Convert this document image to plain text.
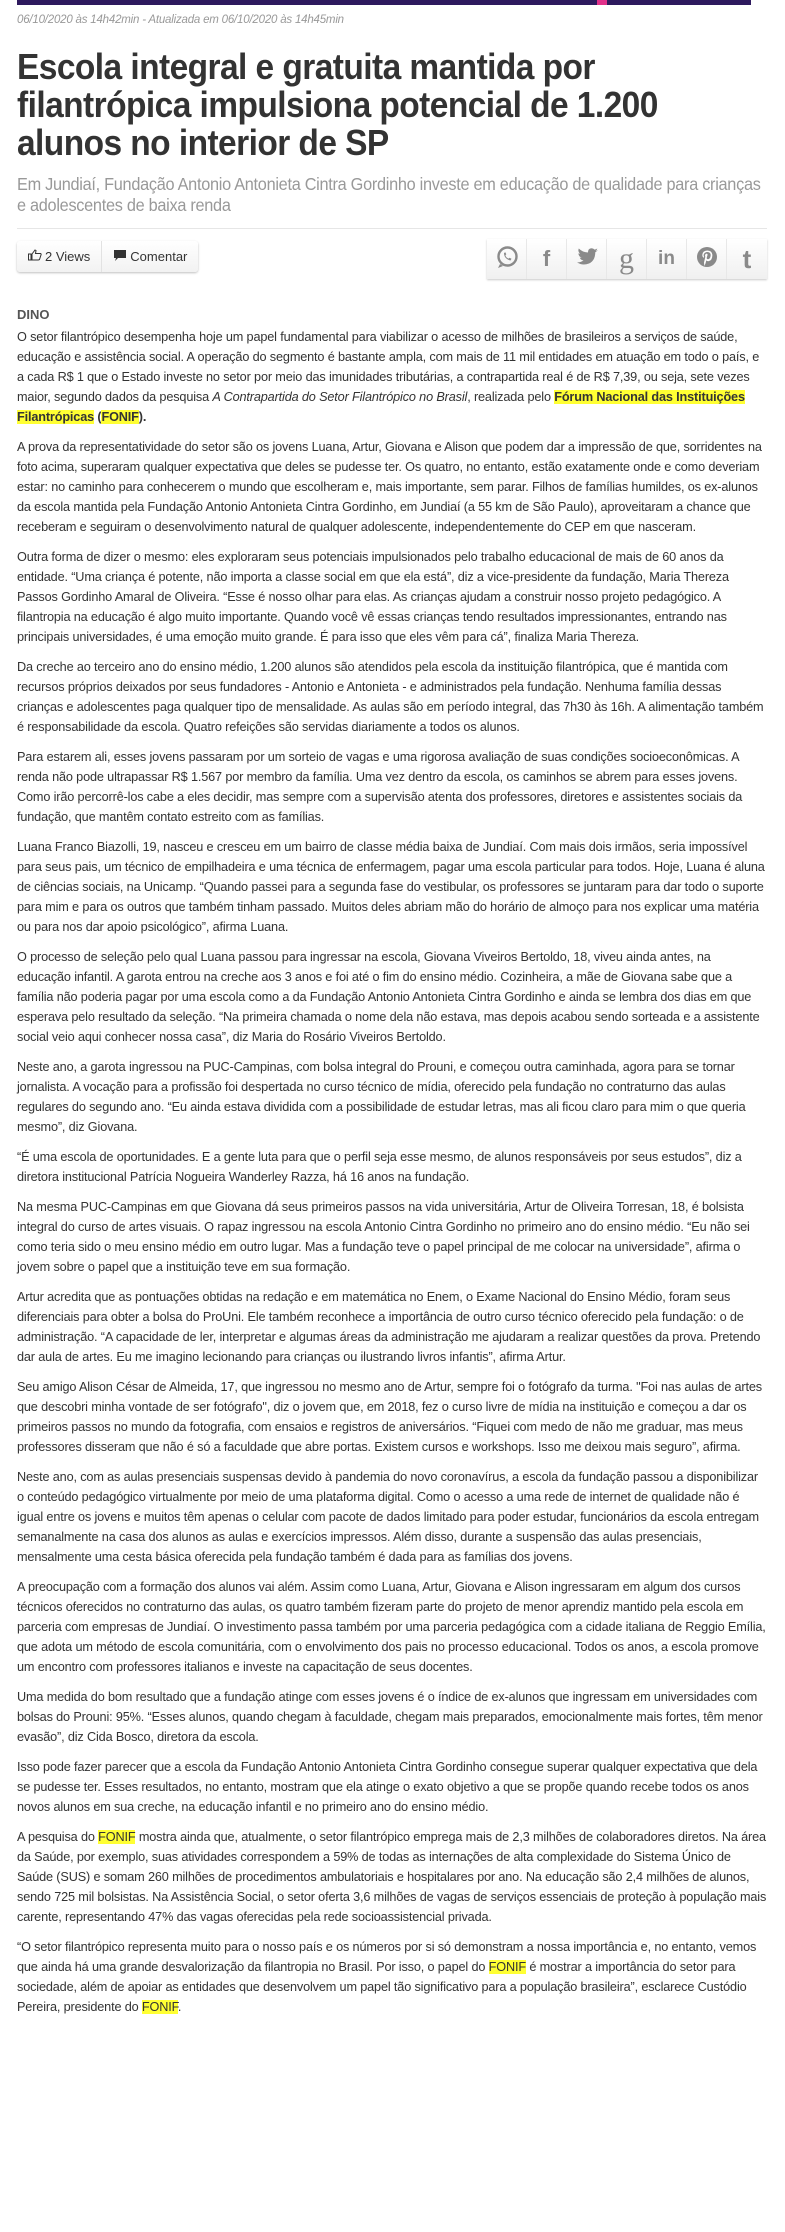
06/10/2020 às 14h42min - Atualizada em 06/10/2020 às 14h45min

Escola integral e gratuita mantida por filantrópica impulsiona potencial de 1.200 alunos no interior de SP

Em Jundiaí, Fundação Antonio Antonieta Cintra Gordinho investe em educação de qualidade para crianças e adolescentes de baixa renda

2 Views	Comentar	f g in	t

DINO

O setor filantrópico desempenha hoje um papel fundamental para viabilizar o acesso de milhões de brasileiros a serviços de saúde, educação e assistência social. A operação do segmento é bastante ampla, com mais de 11 mil entidades em atuação em todo o país, e a cada R$ 1 que o Estado investe no setor por meio das imunidades tributárias, a contrapartida real é de R$ 7,39, ou seja, sete vezes maior, segundo dados da pesquisa A Contrapartida do Setor Filantrópico no Brasil, realizada pelo Fórum Nacional das Instituições Filantrópicas (FONIF).

A prova da representatividade do setor são os jovens Luana, Artur, Giovana e Alison que podem dar a impressão de que, sorridentes na foto acima, superaram qualquer expectativa que deles se pudesse ter. Os quatro, no entanto, estão exatamente onde e como deveriam estar: no caminho para conhecerem o mundo que escolheram e, mais importante, sem parar. Filhos de famílias humildes, os ex-alunos da escola mantida pela Fundação Antonio Antonieta Cintra Gordinho, em Jundiaí (a 55 km de São Paulo), aproveitaram a chance que receberam e seguiram o desenvolvimento natural de qualquer adolescente, independentemente do CEP em que nasceram.

Outra forma de dizer o mesmo: eles exploraram seus potenciais impulsionados pelo trabalho educacional de mais de 60 anos da entidade. “Uma criança é potente, não importa a classe social em que ela está”, diz a vice-presidente da fundação, Maria Thereza Passos Gordinho Amaral de Oliveira. “Esse é nosso olhar para elas. As crianças ajudam a construir nosso projeto pedagógico. A filantropia na educação é algo muito importante. Quando você vê essas crianças tendo resultados impressionantes, entrando nas principais universidades, é uma emoção muito grande. É para isso que eles vêm para cá”, finaliza Maria Thereza.

Da creche ao terceiro ano do ensino médio, 1.200 alunos são atendidos pela escola da instituição filantrópica, que é mantida com recursos próprios deixados por seus fundadores - Antonio e Antonieta - e administrados pela fundação. Nenhuma família dessas crianças e adolescentes paga qualquer tipo de mensalidade. As aulas são em período integral, das 7h30 às 16h. A alimentação também é responsabilidade da escola. Quatro refeições são servidas diariamente a todos os alunos.

Para estarem ali, esses jovens passaram por um sorteio de vagas e uma rigorosa avaliação de suas condições socioeconômicas. A renda não pode ultrapassar R$ 1.567 por membro da família. Uma vez dentro da escola, os caminhos se abrem para esses jovens. Como irão percorrê-los cabe a eles decidir, mas sempre com a supervisão atenta dos professores, diretores e assistentes sociais da fundação, que mantêm contato estreito com as famílias.

Luana Franco Biazolli, 19, nasceu e cresceu em um bairro de classe média baixa de Jundiaí. Com mais dois irmãos, seria impossível para seus pais, um técnico de empilhadeira e uma técnica de enfermagem, pagar uma escola particular para todos. Hoje, Luana é aluna de ciências sociais, na Unicamp. “Quando passei para a segunda fase do vestibular, os professores se juntaram para dar todo o suporte para mim e para os outros que também tinham passado. Muitos deles abriam mão do horário de almoço para nos explicar uma matéria ou para nos dar apoio psicológico”, afirma Luana.

O processo de seleção pelo qual Luana passou para ingressar na escola, Giovana Viveiros Bertoldo, 18, viveu ainda antes, na educação infantil. A garota entrou na creche aos 3 anos e foi até o fim do ensino médio. Cozinheira, a mãe de Giovana sabe que a família não poderia pagar por uma escola como a da Fundação Antonio Antonieta Cintra Gordinho e ainda se lembra dos dias em que esperava pelo resultado da seleção. “Na primeira chamada o nome dela não estava, mas depois acabou sendo sorteada e a assistente social veio aqui conhecer nossa casa”, diz Maria do Rosário Viveiros Bertoldo.

Neste ano, a garota ingressou na PUC-Campinas, com bolsa integral do Prouni, e começou outra caminhada, agora para se tornar jornalista. A vocação para a profissão foi despertada no curso técnico de mídia, oferecido pela fundação no contraturno das aulas regulares do segundo ano. “Eu ainda estava dividida com a possibilidade de estudar letras, mas ali ficou claro para mim o que queria mesmo”, diz Giovana.

“É uma escola de oportunidades. E a gente luta para que o perfil seja esse mesmo, de alunos responsáveis por seus estudos”, diz a diretora institucional Patrícia Nogueira Wanderley Razza, há 16 anos na fundação.

Na mesma PUC-Campinas em que Giovana dá seus primeiros passos na vida universitária, Artur de Oliveira Torresan, 18, é bolsista integral do curso de artes visuais. O rapaz ingressou na escola Antonio Cintra Gordinho no primeiro ano do ensino médio. “Eu não sei como teria sido o meu ensino médio em outro lugar. Mas a fundação teve o papel principal de me colocar na universidade”, afirma o jovem sobre o papel que a instituição teve em sua formação.

Artur acredita que as pontuações obtidas na redação e em matemática no Enem, o Exame Nacional do Ensino Médio, foram seus diferenciais para obter a bolsa do ProUni. Ele também reconhece a importância de outro curso técnico oferecido pela fundação: o de administração. “A capacidade de ler, interpretar e algumas áreas da administração me ajudaram a realizar questões da prova. Pretendo dar aula de artes. Eu me imagino lecionando para crianças ou ilustrando livros infantis”, afirma Artur.

Seu amigo Alison César de Almeida, 17, que ingressou no mesmo ano de Artur, sempre foi o fotógrafo da turma. "Foi nas aulas de artes que descobri minha vontade de ser fotógrafo", diz o jovem que, em 2018, fez o curso livre de mídia na instituição e começou a dar os primeiros passos no mundo da fotografia, com ensaios e registros de aniversários. “Fiquei com medo de não me graduar, mas meus professores disseram que não é só a faculdade que abre portas. Existem cursos e workshops. Isso me deixou mais seguro”, afirma.

Neste ano, com as aulas presenciais suspensas devido à pandemia do novo coronavírus, a escola da fundação passou a disponibilizar o conteúdo pedagógico virtualmente por meio de uma plataforma digital. Como o acesso a uma rede de internet de qualidade não é igual entre os jovens e muitos têm apenas o celular com pacote de dados limitado para poder estudar, funcionários da escola entregam semanalmente na casa dos alunos as aulas e exercícios impressos. Além disso, durante a suspensão das aulas presenciais, mensalmente uma cesta básica oferecida pela fundação também é dada para as famílias dos jovens.

A preocupação com a formação dos alunos vai além. Assim como Luana, Artur, Giovana e Alison ingressaram em algum dos cursos técnicos oferecidos no contraturno das aulas, os quatro também fizeram parte do projeto de menor aprendiz mantido pela escola em parceria com empresas de Jundiaí. O investimento passa também por uma parceria pedagógica com a cidade italiana de Reggio Emília, que adota um método de escola comunitária, com o envolvimento dos pais no processo educacional. Todos os anos, a escola promove um encontro com professores italianos e investe na capacitação de seus docentes.

Uma medida do bom resultado que a fundação atinge com esses jovens é o índice de ex-alunos que ingressam em universidades com bolsas do Prouni: 95%. “Esses alunos, quando chegam à faculdade, chegam mais preparados, emocionalmente mais fortes, têm menor evasão”, diz Cida Bosco, diretora da escola.

Isso pode fazer parecer que a escola da Fundação Antonio Antonieta Cintra Gordinho consegue superar qualquer expectativa que dela se pudesse ter. Esses resultados, no entanto, mostram que ela atinge o exato objetivo a que se propõe quando recebe todos os anos novos alunos em sua creche, na educação infantil e no primeiro ano do ensino médio.

A pesquisa do FONIF mostra ainda que, atualmente, o setor filantrópico emprega mais de 2,3 milhões de colaboradores diretos. Na área da Saúde, por exemplo, suas atividades correspondem a 59% de todas as internações de alta complexidade do Sistema Único de Saúde (SUS) e somam 260 milhões de procedimentos ambulatoriais e hospitalares por ano. Na educação são 2,4 milhões de alunos, sendo 725 mil bolsistas. Na Assistência Social, o setor oferta 3,6 milhões de vagas de serviços essenciais de proteção à população mais carente, representando 47% das vagas oferecidas pela rede socioassistencial privada.

“O setor filantrópico representa muito para o nosso país e os números por si só demonstram a nossa importância e, no entanto, vemos que ainda há uma grande desvalorização da filantropia no Brasil. Por isso, o papel do FONIF é mostrar a importância do setor para sociedade, além de apoiar as entidades que desenvolvem um papel tão significativo para a população brasileira”, esclarece Custódio Pereira, presidente do FONIF.
